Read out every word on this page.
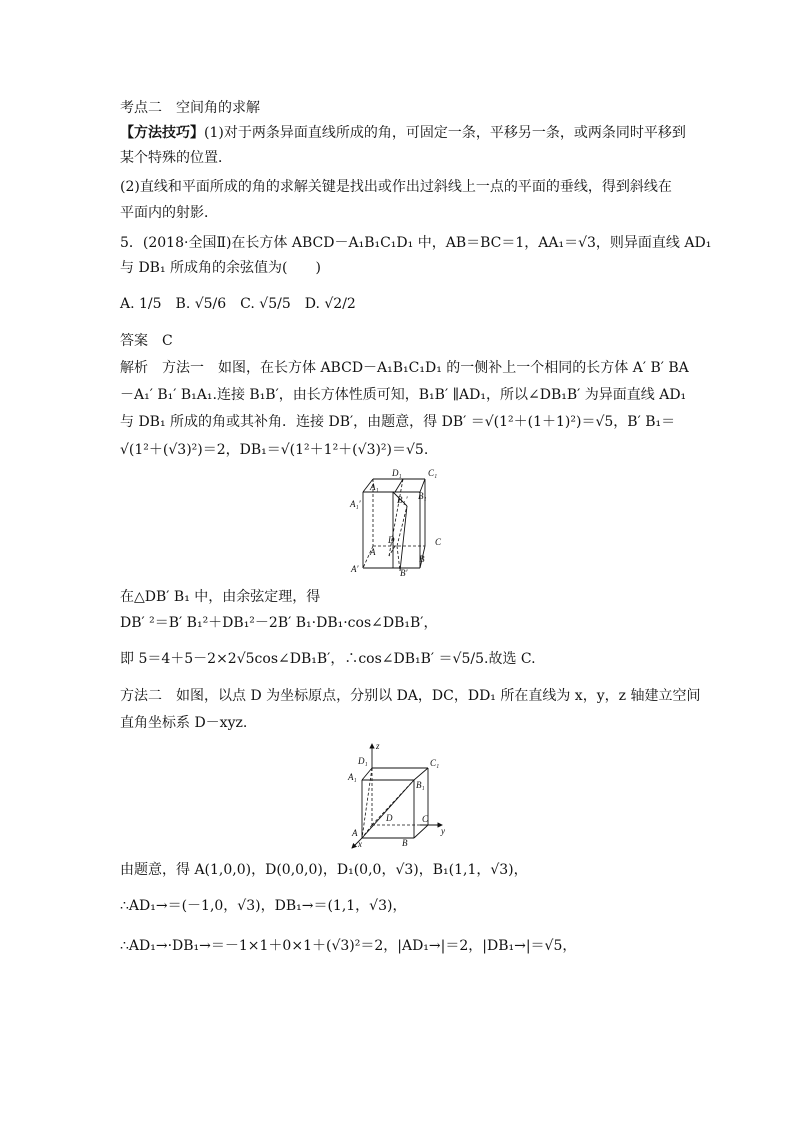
考点二　空间角的求解
【方法技巧】(1)对于两条异面直线所成的角，可固定一条，平移另一条，或两条同时平移到
某个特殊的位置．
(2)直线和平面所成的角的求解关键是找出或作出过斜线上一点的平面的垂线，得到斜线在
平面内的射影．
5．(2018·全国Ⅱ)在长方体 ABCD－A₁B₁C₁D₁ 中，AB＝BC＝1，AA₁＝√3，则异面直线 AD₁
与 DB₁ 所成角的余弦值为(　　)
A. 1/5　B. √5/6　C. √5/5　D. √2/2
答案　C
解析　方法一　如图，在长方体 ABCD－A₁B₁C₁D₁ 的一侧补上一个相同的长方体 A′ B′ BA
－A₁′ B₁′ B₁A₁.连接 B₁B′，由长方体性质可知，B₁B′ ∥AD₁，所以∠DB₁B′ 为异面直线 AD₁
与 DB₁ 所成的角或其补角．连接 DB′，由题意，得 DB′ ＝√(1²＋(1＋1)²)＝√5，B′ B₁＝
√(1²＋(√3)²)＝2，DB₁＝√(1²＋1²＋(√3)²)＝√5.
D₁	C₁
A₁
B₁′ B₁
A₁′
D	C
A
B
A′	B′
在△DB′ B₁ 中，由余弦定理，得
DB′ ²＝B′ B₁²＋DB₁²－2B′ B₁·DB₁·cos∠DB₁B′，
即 5＝4＋5－2×2√5cos∠DB₁B′，∴cos∠DB₁B′ ＝√5/5.故选 C.
方法二　如图，以点 D 为坐标原点，分别以 DA，DC，DD₁ 所在直线为 x，y，z 轴建立空间
直角坐标系 D－xyz.
z
D₁	C₁
A₁
B₁
D	C
y
A
x	B
由题意，得 A(1,0,0)，D(0,0,0)，D₁(0,0，√3)，B₁(1,1，√3)，
∴AD₁→＝(－1,0，√3)，DB₁→＝(1,1，√3)，
∴AD₁→·DB₁→＝－1×1＋0×1＋(√3)²＝2，|AD₁→|＝2，|DB₁→|＝√5，
